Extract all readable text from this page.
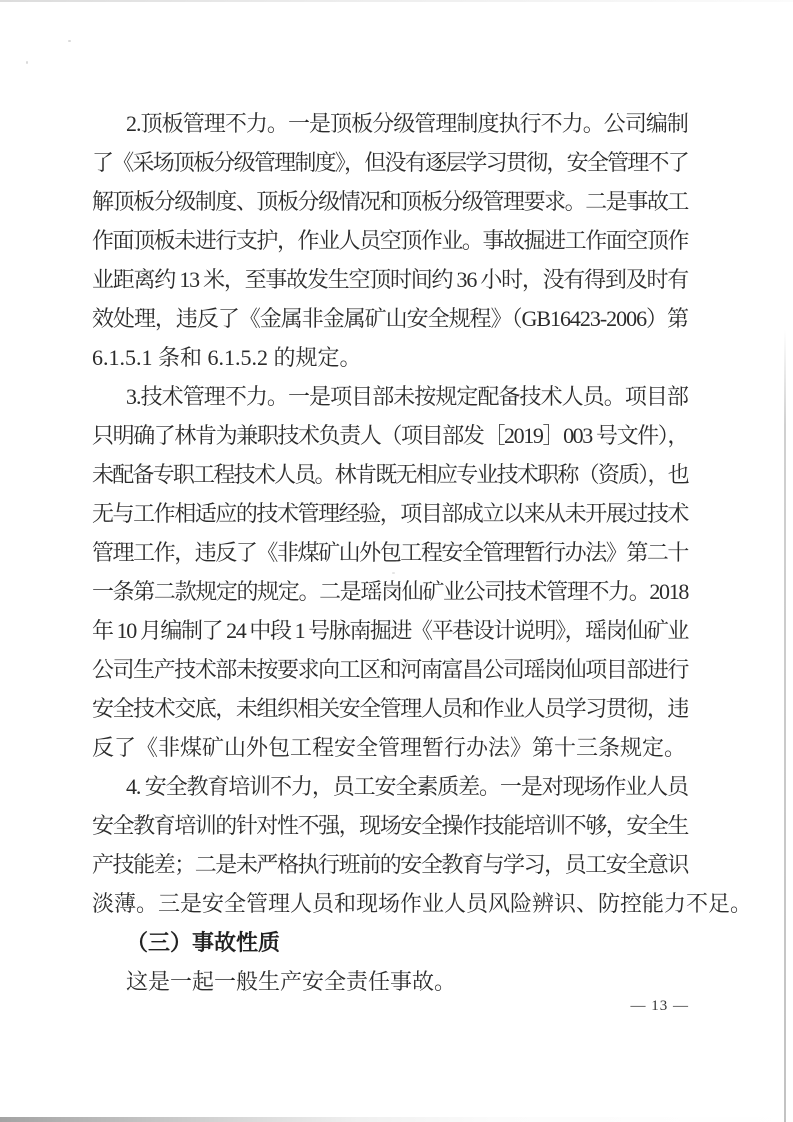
2.顶板管理不力。一是顶板分级管理制度执行不力。公司编制
了《采场顶板分级管理制度》，但没有逐层学习贯彻，安全管理不了
解顶板分级制度、顶板分级情况和顶板分级管理要求。二是事故工
作面顶板未进行支护，作业人员空顶作业。事故掘进工作面空顶作
业距离约 13 米，至事故发生空顶时间约 36 小时，没有得到及时有
效处理，违反了《金属非金属矿山安全规程》（GB16423-2006）第
6.1.5.1 条和 6.1.5.2 的规定。
3.技术管理不力。一是项目部未按规定配备技术人员。项目部
只明确了林肯为兼职技术负责人（项目部发［2019］003 号文件），
未配备专职工程技术人员。林肯既无相应专业技术职称（资质），也
无与工作相适应的技术管理经验，项目部成立以来从未开展过技术
管理工作，违反了《非煤矿山外包工程安全管理暂行办法》第二十
一条第二款规定的规定。二是瑶岗仙矿业公司技术管理不力。2018
年 10 月编制了 24 中段 1 号脉南掘进《平巷设计说明》，瑶岗仙矿业
公司生产技术部未按要求向工区和河南富昌公司瑶岗仙项目部进行
安全技术交底，未组织相关安全管理人员和作业人员学习贯彻，违
反了《非煤矿山外包工程安全管理暂行办法》第十三条规定。
4. 安全教育培训不力，员工安全素质差。一是对现场作业人员
安全教育培训的针对性不强，现场安全操作技能培训不够，安全生
产技能差；二是未严格执行班前的安全教育与学习，员工安全意识
淡薄。三是安全管理人员和现场作业人员风险辨识、防控能力不足。
（三）事故性质
这是一起一般生产安全责任事故。
— 13 —
